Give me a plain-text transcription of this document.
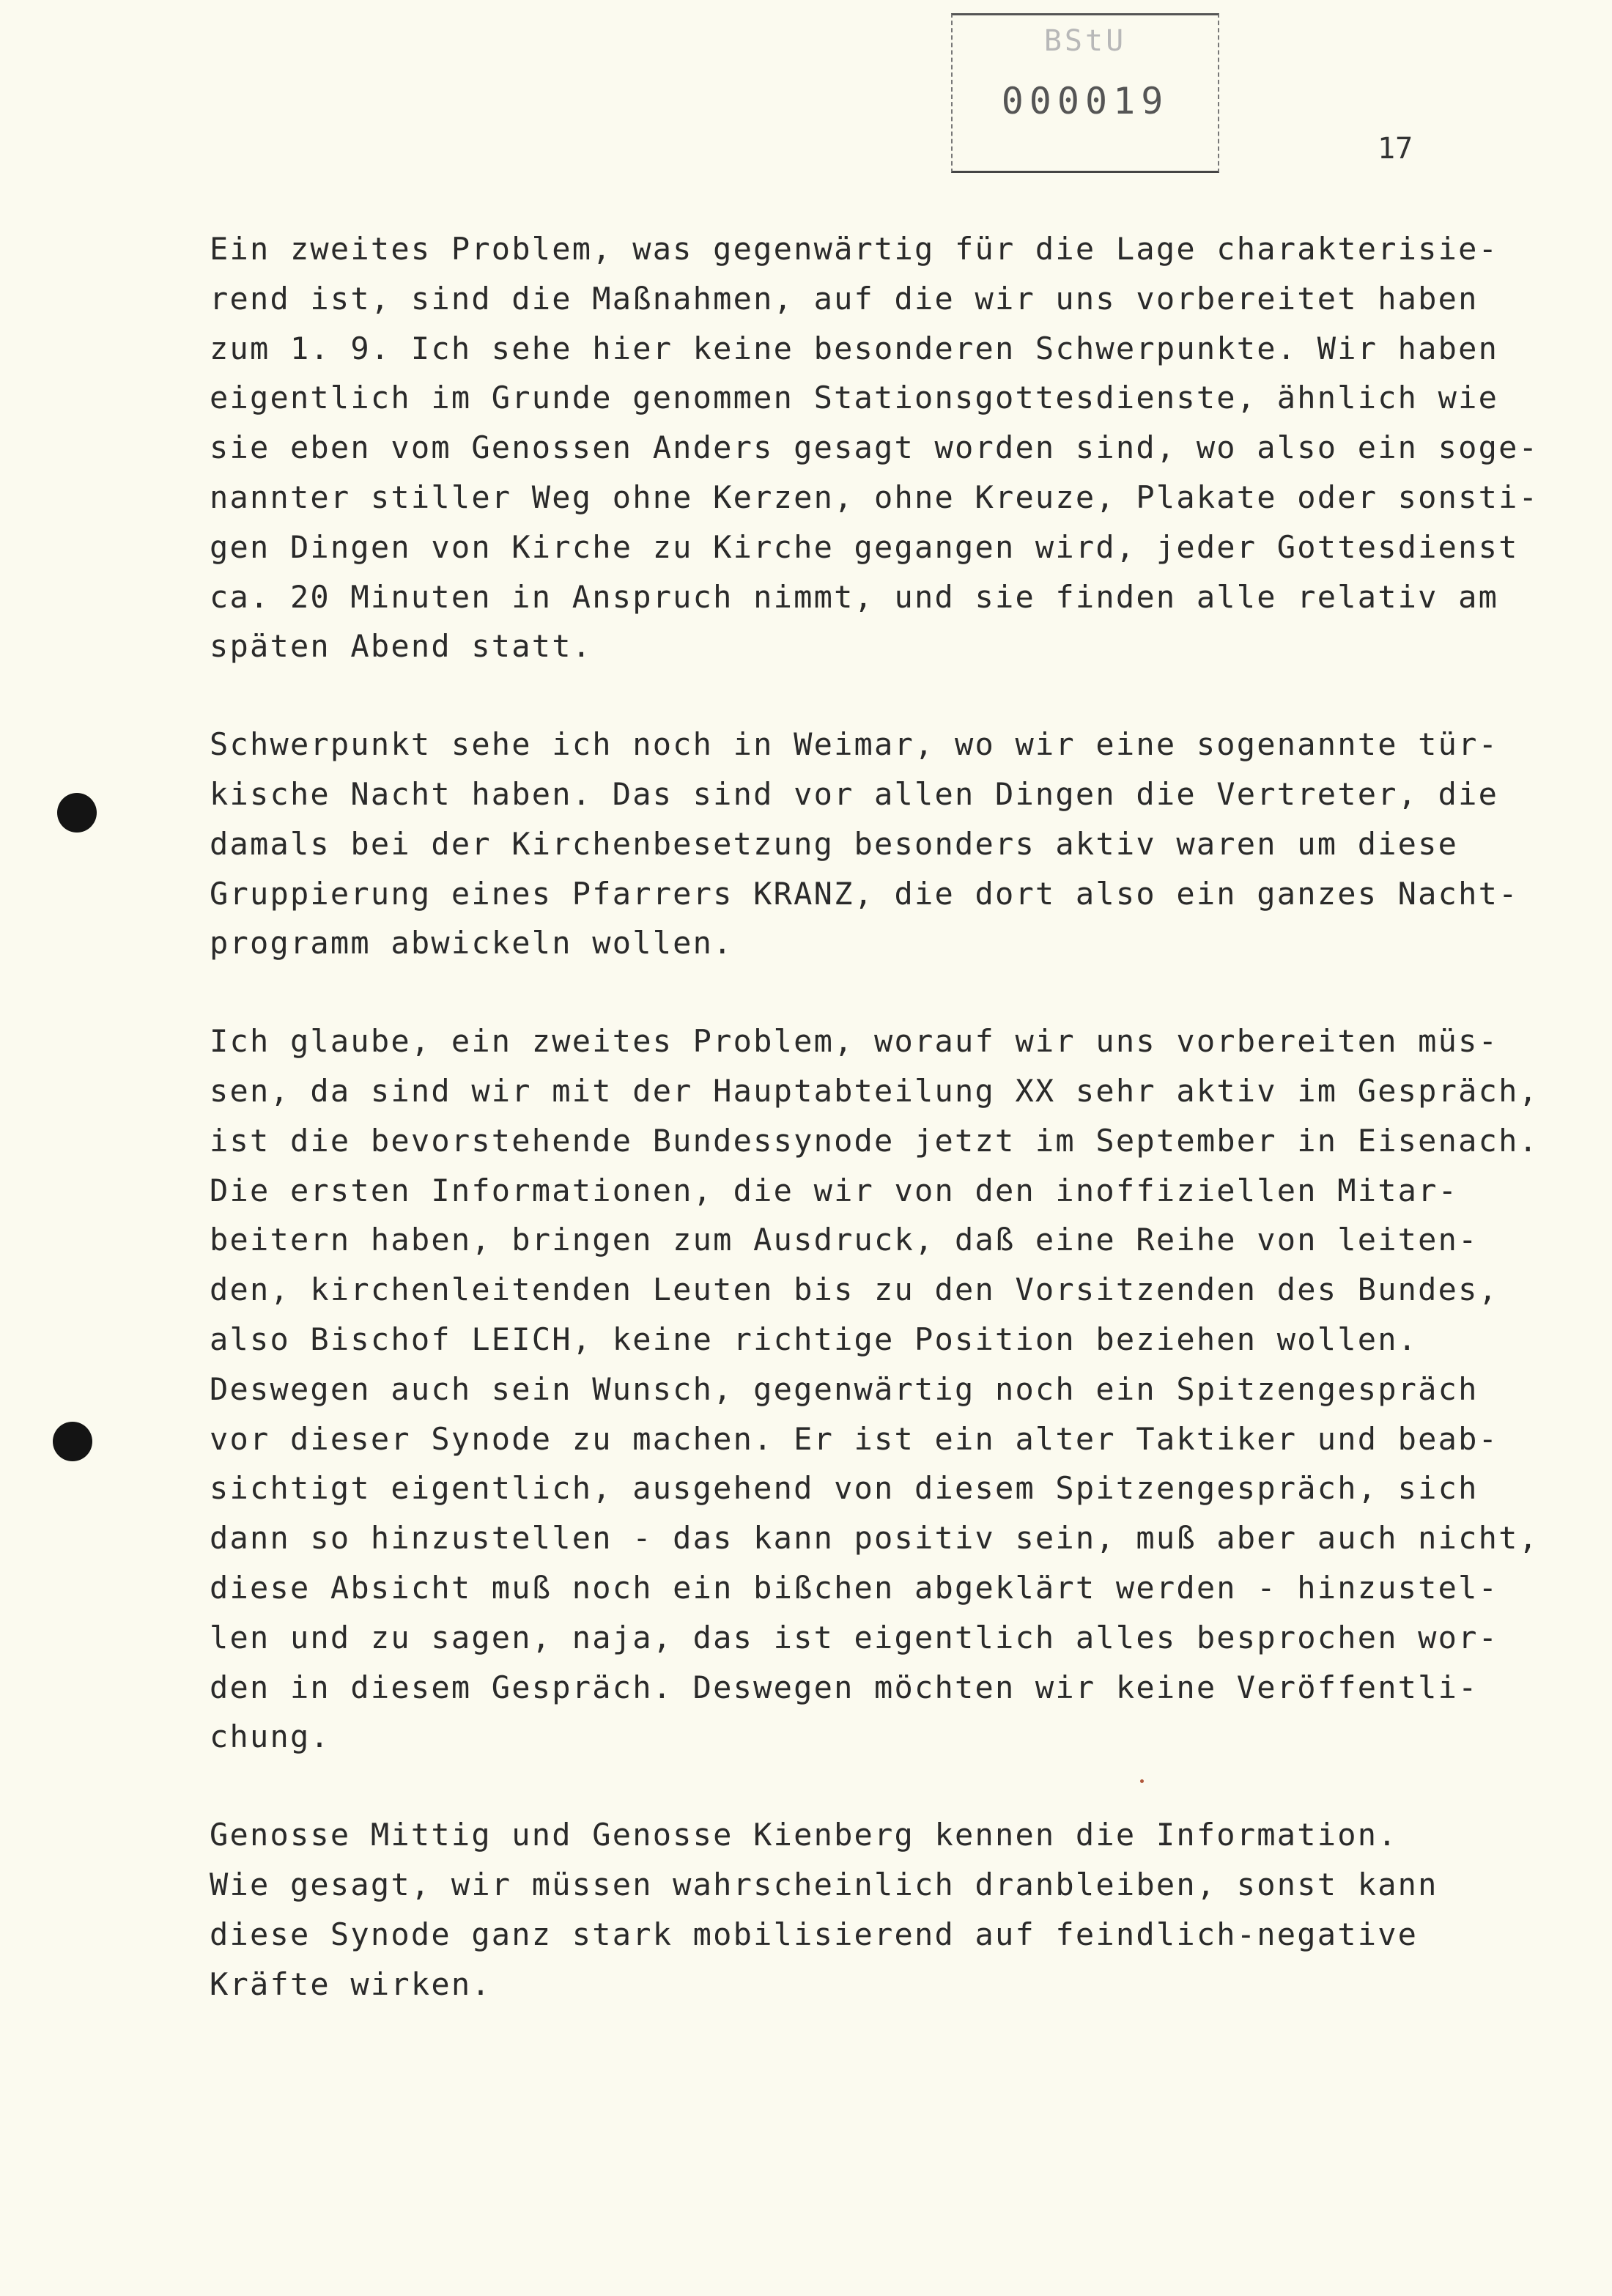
BStU
000019
17
Ein zweites Problem, was gegenwärtig für die Lage charakterisie-
rend ist, sind die Maßnahmen, auf die wir uns vorbereitet haben
zum 1. 9. Ich sehe hier keine besonderen Schwerpunkte. Wir haben
eigentlich im Grunde genommen Stationsgottesdienste, ähnlich wie
sie eben vom Genossen Anders gesagt worden sind, wo also ein soge-
nannter stiller Weg ohne Kerzen, ohne Kreuze, Plakate oder sonsti-
gen Dingen von Kirche zu Kirche gegangen wird, jeder Gottesdienst
ca. 20 Minuten in Anspruch nimmt, und sie finden alle relativ am
späten Abend statt.
Schwerpunkt sehe ich noch in Weimar, wo wir eine sogenannte tür-
kische Nacht haben. Das sind vor allen Dingen die Vertreter, die
damals bei der Kirchenbesetzung besonders aktiv waren um diese
Gruppierung eines Pfarrers KRANZ, die dort also ein ganzes Nacht-
programm abwickeln wollen.
Ich glaube, ein zweites Problem, worauf wir uns vorbereiten müs-
sen, da sind wir mit der Hauptabteilung XX sehr aktiv im Gespräch,
ist die bevorstehende Bundessynode jetzt im September in Eisenach.
Die ersten Informationen, die wir von den inoffiziellen Mitar-
beitern haben, bringen zum Ausdruck, daß eine Reihe von leiten-
den, kirchenleitenden Leuten bis zu den Vorsitzenden des Bundes,
also Bischof LEICH, keine richtige Position beziehen wollen.
Deswegen auch sein Wunsch, gegenwärtig noch ein Spitzengespräch
vor dieser Synode zu machen. Er ist ein alter Taktiker und beab-
sichtigt eigentlich, ausgehend von diesem Spitzengespräch, sich
dann so hinzustellen - das kann positiv sein, muß aber auch nicht,
diese Absicht muß noch ein bißchen abgeklärt werden - hinzustel-
len und zu sagen, naja, das ist eigentlich alles besprochen wor-
den in diesem Gespräch. Deswegen möchten wir keine Veröffentli-
chung.
Genosse Mittig und Genosse Kienberg kennen die Information.
Wie gesagt, wir müssen wahrscheinlich dranbleiben, sonst kann
diese Synode ganz stark mobilisierend auf feindlich-negative
Kräfte wirken.
